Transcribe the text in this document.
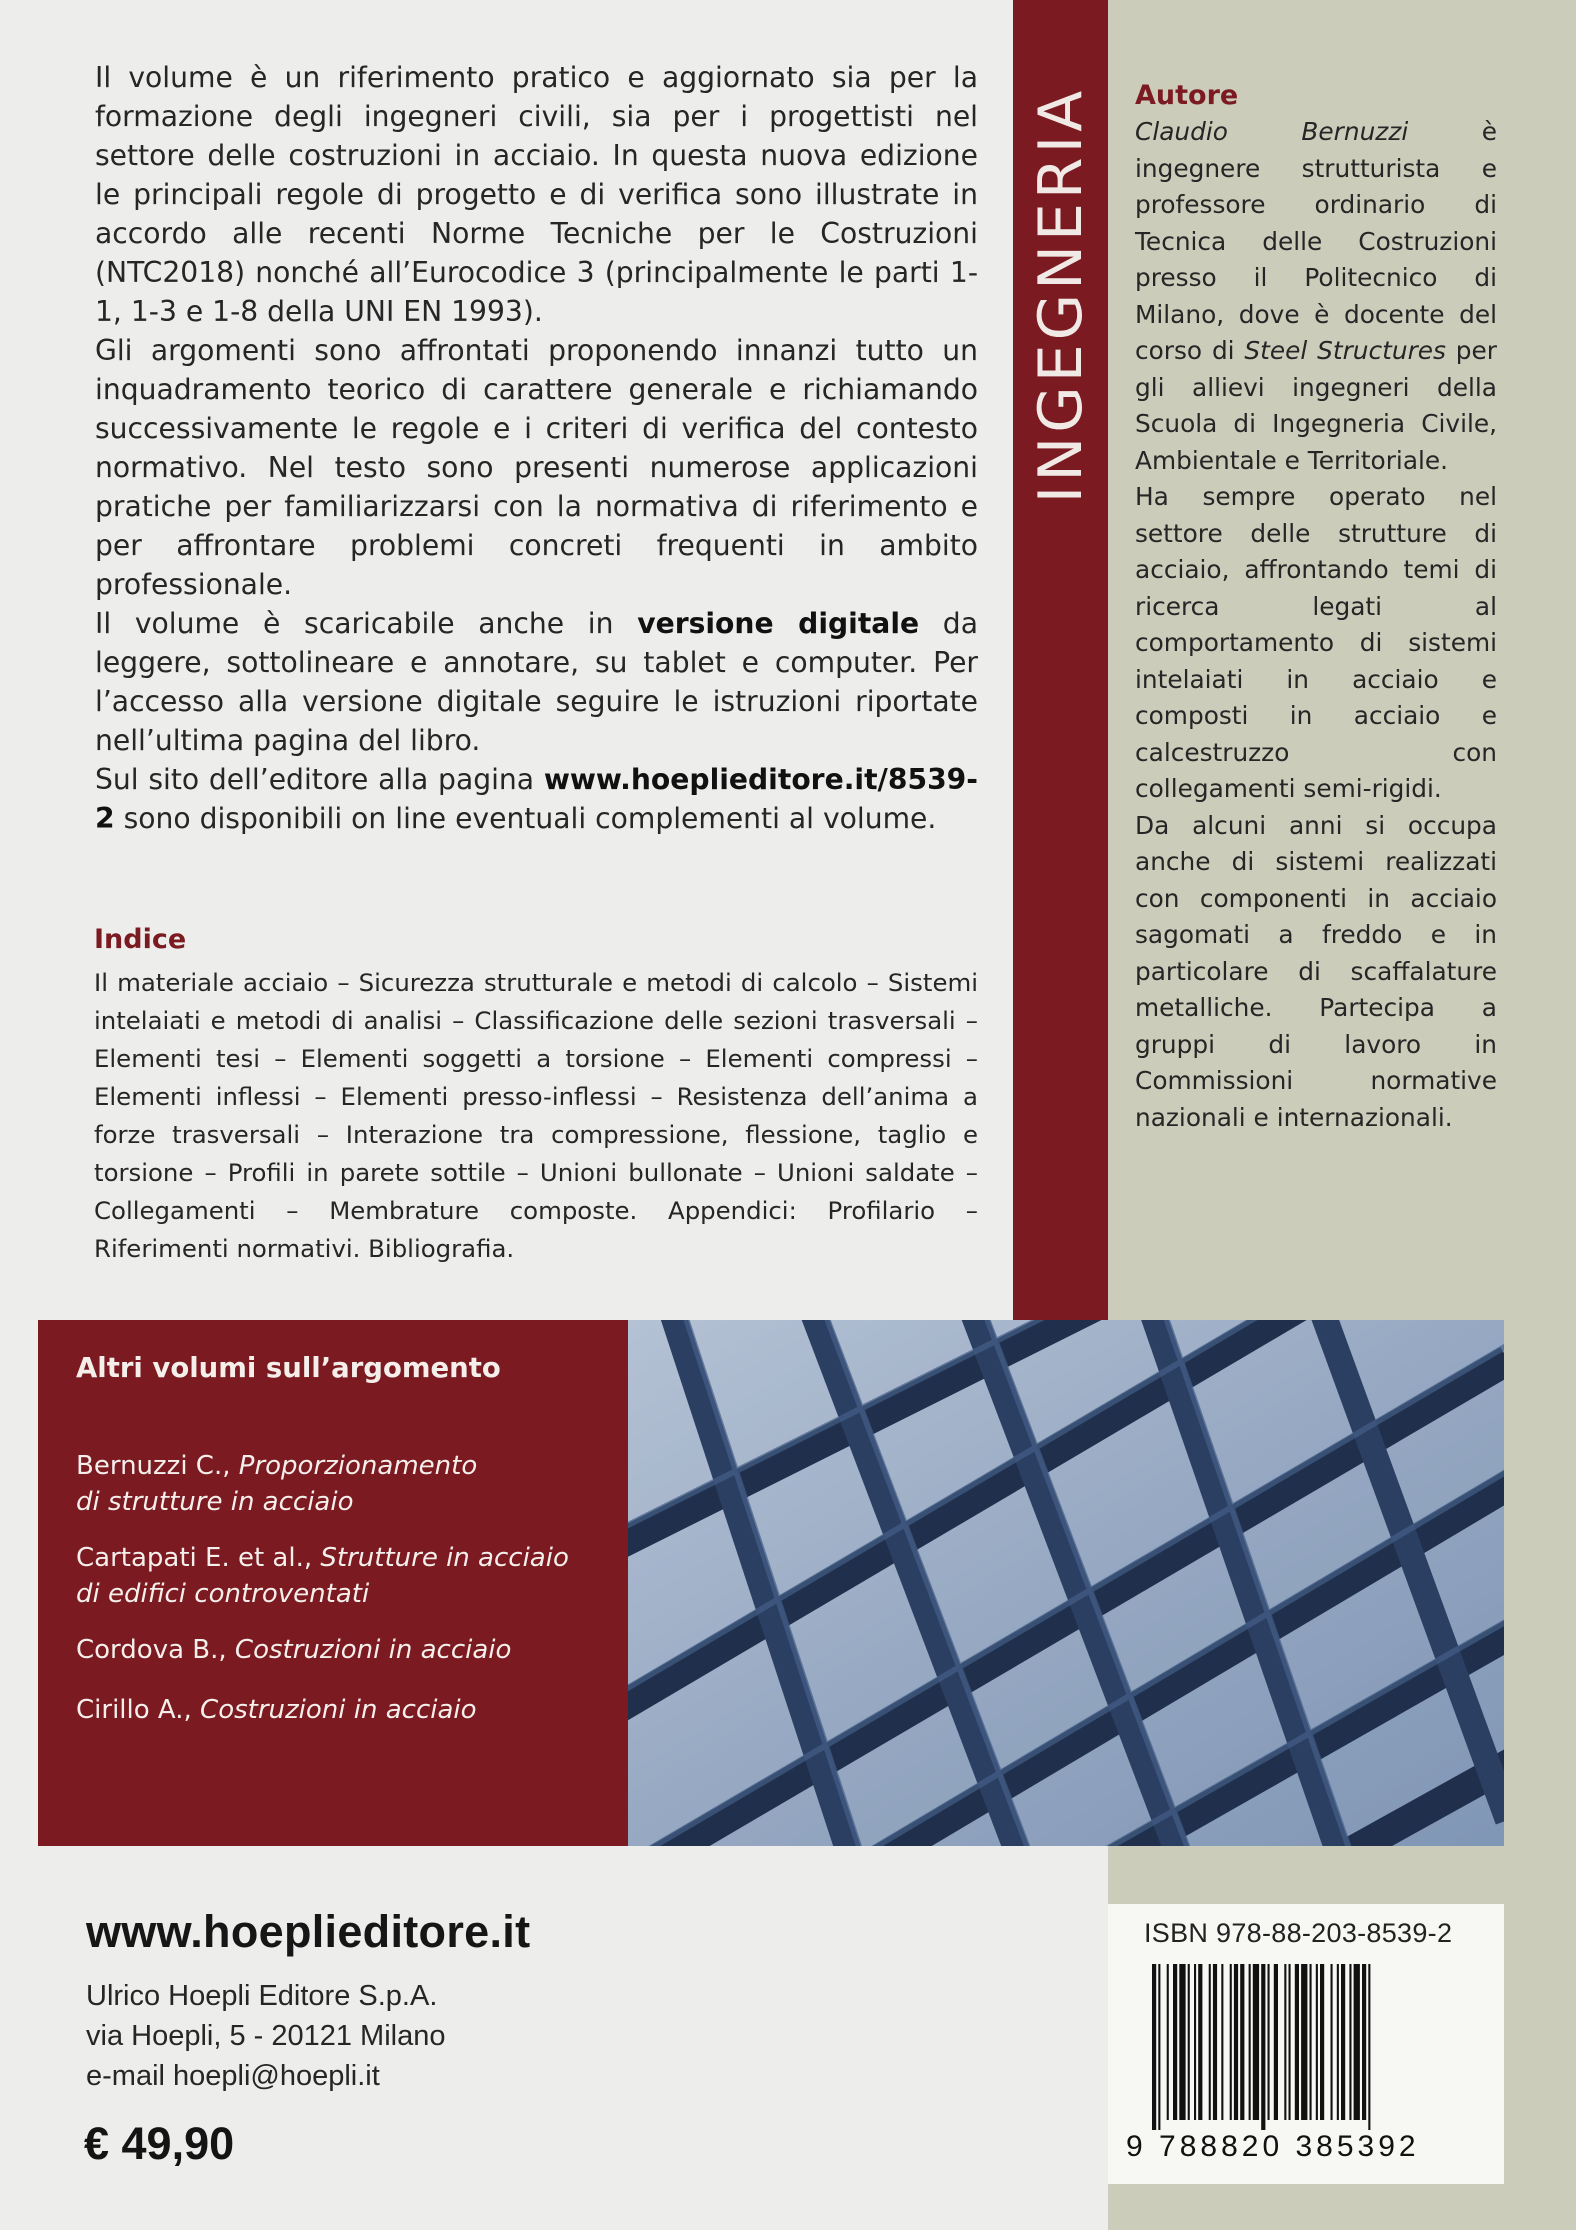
INGEGNERIA

Il volume è un riferimento pratico e aggiornato sia per la formazione degli ingegneri civili, sia per i progettisti nel settore delle costruzioni in acciaio. In questa nuova edizione le principali regole di progetto e di verifica sono illustrate in accordo alle recenti Norme Tecniche per le Costruzioni (NTC2018) nonché all’Eurocodice 3 (principalmente le parti 1-1, 1-3 e 1-8 della UNI EN 1993).

Gli argomenti sono affrontati proponendo innanzi tutto un inquadramento teorico di carattere generale e richiamando successivamente le regole e i criteri di verifica del contesto normativo. Nel testo sono presenti numerose applicazioni pratiche per familiarizzarsi con la normativa di riferimento e per affrontare problemi concreti frequenti in ambito professionale.

Il volume è scaricabile anche in versione digitale da leggere, sottolineare e annotare, su tablet e computer. Per l’accesso alla versione digitale seguire le istruzioni riportate nell’ultima pagina del libro.

Sul sito dell’editore alla pagina www.hoeplieditore.it/8539-2 sono disponibili on line eventuali complementi al volume.

Indice
Il materiale acciaio – Sicurezza strutturale e metodi di calcolo – Sistemi intelaiati e metodi di analisi – Classificazione delle sezioni trasversali – Elementi tesi – Elementi soggetti a torsione – Elementi compressi – Elementi inflessi – Elementi presso-inflessi – Resistenza dell’anima a forze trasversali – Interazione tra compressione, flessione, taglio e torsione – Profili in parete sottile – Unioni bullonate – Unioni saldate – Collegamenti – Membrature composte. Appendici: Profilario – Riferimenti normativi. Bibliografia.
Autore

Claudio Bernuzzi è ingegnere strutturista e professore ordinario di Tecnica delle Costruzioni presso il Politecnico di Milano, dove è docente del corso di Steel Structures per gli allievi ingegneri della Scuola di Ingegneria Civile, Ambientale e Territoriale.

Ha sempre operato nel settore delle strutture di acciaio, affrontando temi di ricerca legati al comportamento di sistemi intelaiati in acciaio e composti in acciaio e calcestruzzo con collegamenti semi-rigidi.

Da alcuni anni si occupa anche di sistemi realizzati con componenti in acciaio sagomati a freddo e in particolare di scaffalature metalliche. Partecipa a gruppi di lavoro in Commissioni normative nazionali e internazionali.

Altri volumi sull’argomento
Bernuzzi C., Proporzionamento
di strutture in acciaio
Cartapati E. et al., Strutture in acciaio
di edifici controventati
Cordova B., Costruzioni in acciaio
Cirillo A., Costruzioni in acciaio
www.hoeplieditore.it
Ulrico Hoepli Editore S.p.A.
via Hoepli, 5 - 20121 Milano
e-mail hoepli@hoepli.it
€ 49,90
ISBN 978-88-203-8539-2
9 788820 385392
